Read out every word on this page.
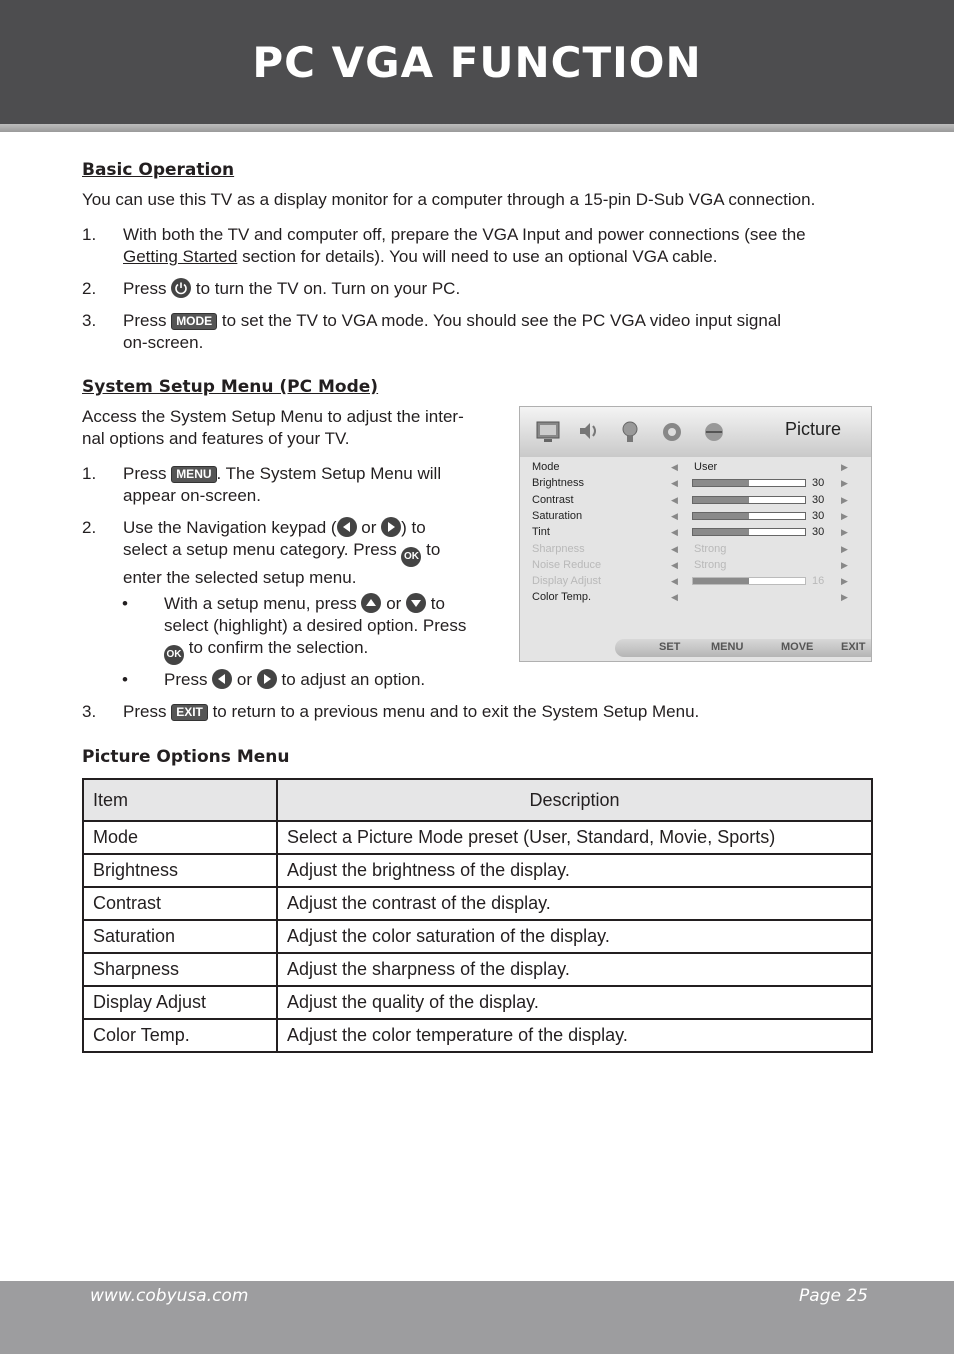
PC VGA FUNCTION
Basic Operation
You can use this TV as a display monitor for a computer through a 15-pin D-Sub VGA connection.
1. With both the TV and computer off, prepare the VGA Input and power connections (see the
Getting Started section for details). You will need to use an optional VGA cable.
2. Press
to turn the TV on. Turn on your PC.
3. Press MODE to set the TV to VGA mode. You should see the PC VGA video input signal
on-screen.
System Setup Menu (PC Mode)
Access the System Setup Menu to adjust the inter-
nal options and features of your TV.
1. Press MENU . The System Setup Menu will
appear on-screen.
2. Use the Navigation keypad (
or
) to
select a setup menu category. Press OK to
enter the selected setup menu.
• With a setup menu, press
or
to
select (highlight) a desired option. Press
OK to confirm the selection.
• Press
or
to adjust an option.
3. Press EXIT to return to a previous menu and to exit the System Setup Menu.
Picture
Mode	◀ User	▶
Brightness	◀	30 ▶
Contrast	◀	30 ▶
Saturation	◀	30 ▶
Tint	◀	30 ▶
Sharpness	◀ Strong	▶
Noise Reduce	◀ Strong	▶
Display Adjust	◀	16 ▶
Color Temp.	◀	▶
SET	MENU	MOVE	EXIT
Picture Options Menu
Item	Description
Mode	Select a Picture Mode preset (User, Standard, Movie, Sports)
Brightness	Adjust the brightness of the display.
Contrast	Adjust the contrast of the display.
Saturation	Adjust the color saturation of the display.
Sharpness	Adjust the sharpness of the display.
Display Adjust	Adjust the quality of the display.
Color Temp.	Adjust the color temperature of the display.
www.cobyusa.com	Page 25
